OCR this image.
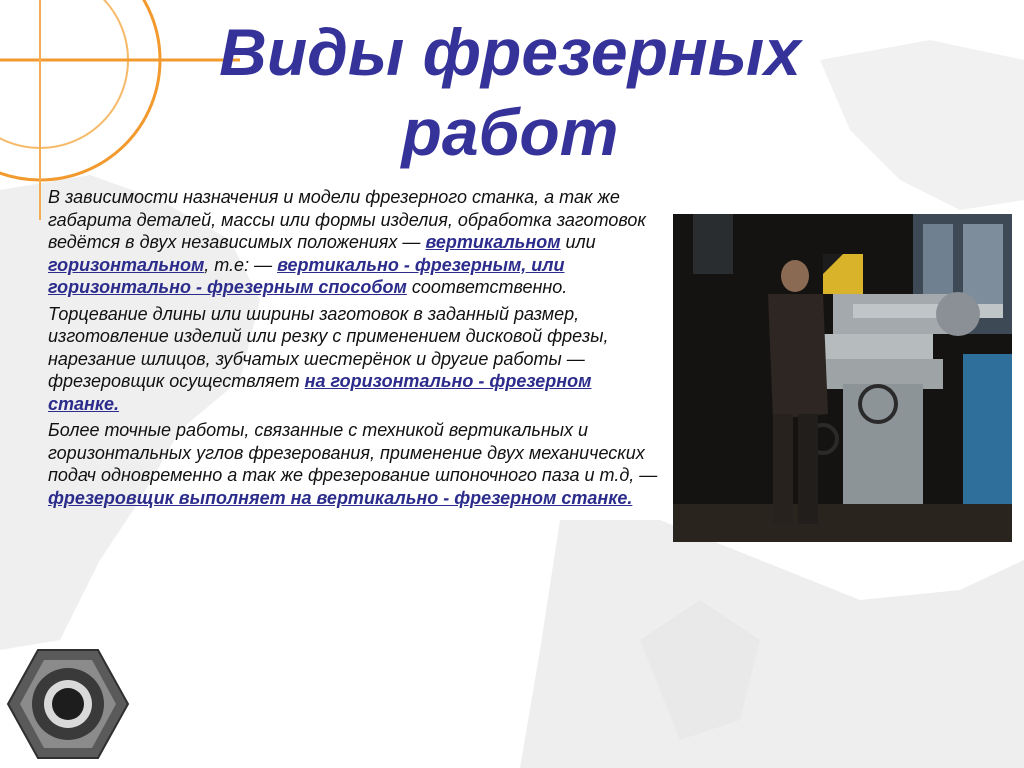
Виды фрезерных
работ

В зависимости назначения и модели фрезерного станка, а так же габарита деталей, массы или формы изделия, обработка заготовок ведётся в двух независимых положениях — вертикальном или горизонтальном, т.е: — вертикально - фрезерным, или горизонтально - фрезерным способом соответственно.

Торцевание длины или ширины заготовок в заданный размер, изготовление изделий или резку с применением дисковой фрезы, нарезание шлицов, зубчатых шестерёнок и другие работы — фрезеровщик осуществляет на горизонтально - фрезерном станке.

Более точные работы, связанные с техникой вертикальных и горизонтальных углов фрезерования, применение двух механических подач одновременно а так же фрезерование шпоночного паза и т.д, — фрезеровщик выполняет на вертикально - фрезерном станке.
